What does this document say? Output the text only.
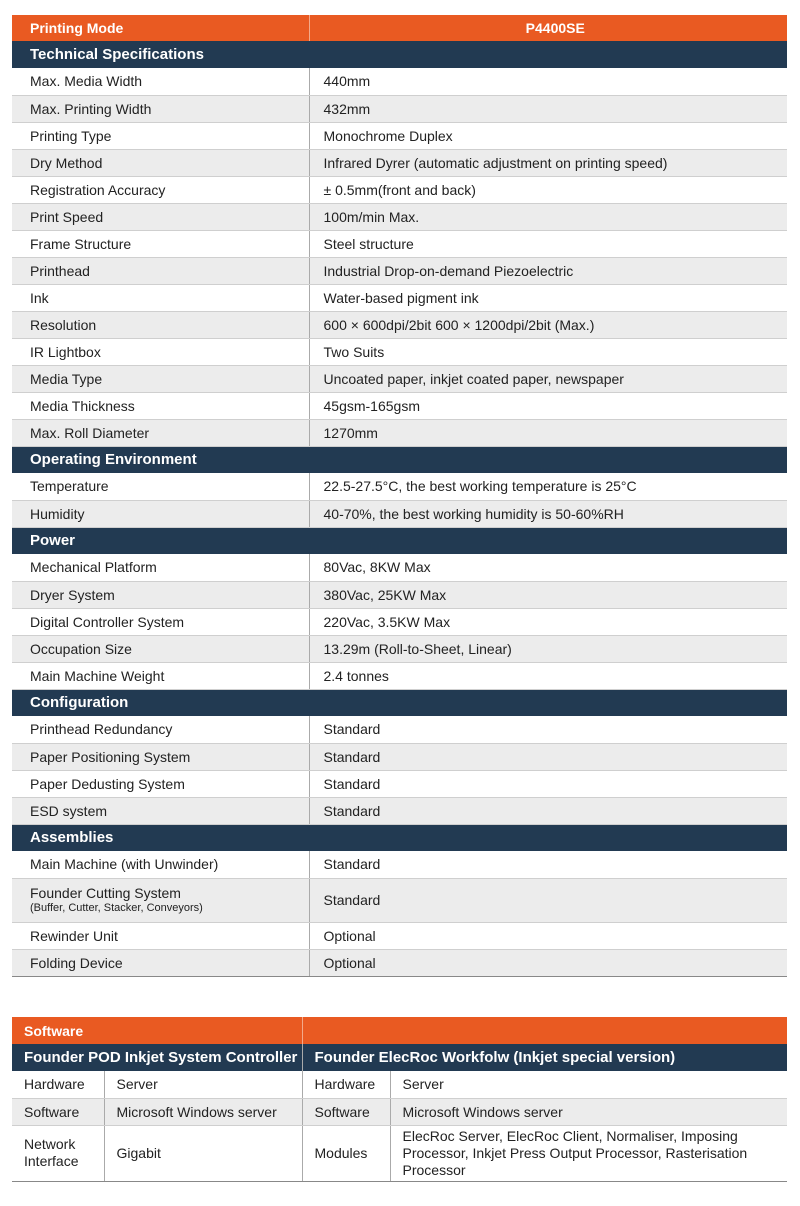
Printing Mode	P4400SE
Technical Specifications	
Max. Media Width	440mm
Max. Printing Width	432mm
Printing Type	Monochrome Duplex
Dry Method	Infrared Dyrer (automatic adjustment on printing speed)
Registration Accuracy	± 0.5mm(front and back)
Print Speed	100m/min Max.
Frame Structure	Steel structure
Printhead	Industrial Drop-on-demand Piezoelectric
Ink	Water-based pigment ink
Resolution	600 × 600dpi/2bit 600 × 1200dpi/2bit (Max.)
IR Lightbox	Two Suits
Media Type	Uncoated paper, inkjet coated paper, newspaper
Media Thickness	45gsm-165gsm
Max. Roll Diameter	1270mm
Operating Environment	
Temperature	22.5-27.5°C, the best working temperature is 25°C
Humidity	40-70%, the best working humidity is 50-60%RH
Power	
Mechanical Platform	80Vac, 8KW Max
Dryer System	380Vac, 25KW Max
Digital Controller System	220Vac, 3.5KW Max
Occupation Size	13.29m (Roll-to-Sheet, Linear)
Main Machine Weight	2.4 tonnes
Configuration	
Printhead Redundancy	Standard
Paper Positioning System	Standard
Paper Dedusting System	Standard
ESD system	Standard
Assemblies	
Main Machine (with Unwinder)	Standard
Founder Cutting System
(Buffer, Cutter, Stacker, Conveyors)	Standard
Rewinder Unit	Optional
Folding Device	Optional
Software			
Founder POD Inkjet System Controller		Founder ElecRoc Workfolw (Inkjet special version)	
Hardware	Server	Hardware	Server
Software	Microsoft Windows server	Software	Microsoft Windows server
Network Interface	Gigabit	Modules	ElecRoc Server, ElecRoc Client, Normaliser, Imposing Processor, Inkjet Press Output Processor, Rasterisation Processor
